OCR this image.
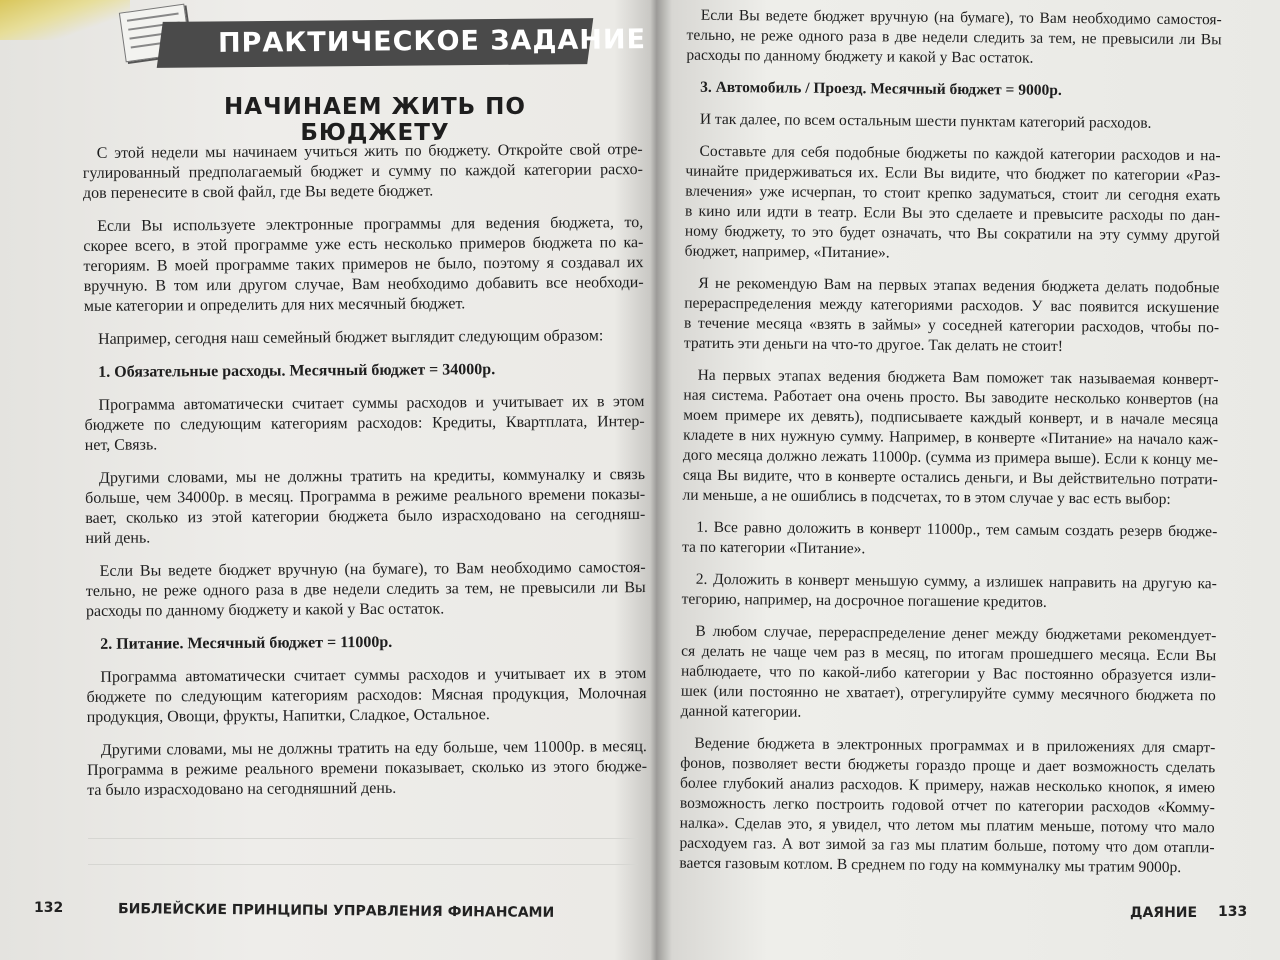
ПРАКТИЧЕСКОЕ ЗАДАНИЕ
НАЧИНАЕМ ЖИТЬ ПО БЮДЖЕТУ
С этой недели мы начинаем учиться жить по бюджету. Откройте свой отре-
гулированный предполагаемый бюджет и сумму по каждой категории расхо-
дов перенесите в свой файл, где Вы ведете бюджет.
Если Вы используете электронные программы для ведения бюджета, то,
скорее всего, в этой программе уже есть несколько примеров бюджета по ка-
тегориям. В моей программе таких примеров не было, поэтому я создавал их
вручную. В том или другом случае, Вам необходимо добавить все необходи-
мые категории и определить для них месячный бюджет.
Например, сегодня наш семейный бюджет выглядит следующим образом:
1. Обязательные расходы. Месячный бюджет = 34000р.
Программа автоматически считает суммы расходов и учитывает их в этом
бюджете по следующим категориям расходов: Кредиты, Квартплата, Интер-
нет, Связь.
Другими словами, мы не должны тратить на кредиты, коммуналку и связь
больше, чем 34000р. в месяц. Программа в режиме реального времени показы-
вает, сколько из этой категории бюджета было израсходовано на сегодняш-
ний день.
Если Вы ведете бюджет вручную (на бумаге), то Вам необходимо самостоя-
тельно, не реже одного раза в две недели следить за тем, не превысили ли Вы
расходы по данному бюджету и какой у Вас остаток.
2. Питание. Месячный бюджет = 11000р.
Программа автоматически считает суммы расходов и учитывает их в этом
бюджете по следующим категориям расходов: Мясная продукция, Молочная
продукция, Овощи, фрукты, Напитки, Сладкое, Остальное.
Другими словами, мы не должны тратить на еду больше, чем 11000р. в месяц.
Программа в режиме реального времени показывает, сколько из этого бюдже-
та было израсходовано на сегодняшний день.
Если Вы ведете бюджет вручную (на бумаге), то Вам необходимо самостоя-
тельно, не реже одного раза в две недели следить за тем, не превысили ли Вы
расходы по данному бюджету и какой у Вас остаток.
3. Автомобиль / Проезд. Месячный бюджет = 9000р.
И так далее, по всем остальным шести пунктам категорий расходов.
Составьте для себя подобные бюджеты по каждой категории расходов и на-
чинайте придерживаться их. Если Вы видите, что бюджет по категории «Раз-
влечения» уже исчерпан, то стоит крепко задуматься, стоит ли сегодня ехать
в кино или идти в театр. Если Вы это сделаете и превысите расходы по дан-
ному бюджету, то это будет означать, что Вы сократили на эту сумму другой
бюджет, например, «Питание».
Я не рекомендую Вам на первых этапах ведения бюджета делать подобные
перераспределения между категориями расходов. У вас появится искушение
в течение месяца «взять в займы» у соседней категории расходов, чтобы по-
тратить эти деньги на что-то другое. Так делать не стоит!
На первых этапах ведения бюджета Вам поможет так называемая конверт-
ная система. Работает она очень просто. Вы заводите несколько конвертов (на
моем примере их девять), подписываете каждый конверт, и в начале месяца
кладете в них нужную сумму. Например, в конверте «Питание» на начало каж-
дого месяца должно лежать 11000р. (сумма из примера выше). Если к концу ме-
сяца Вы видите, что в конверте остались деньги, и Вы действительно потрати-
ли меньше, а не ошиблись в подсчетах, то в этом случае у вас есть выбор:
1. Все равно доложить в конверт 11000р., тем самым создать резерв бюдже-
та по категории «Питание».
2. Доложить в конверт меньшую сумму, а излишек направить на другую ка-
тегорию, например, на досрочное погашение кредитов.
В любом случае, перераспределение денег между бюджетами рекомендует-
ся делать не чаще чем раз в месяц, по итогам прошедшего месяца. Если Вы
наблюдаете, что по какой-либо категории у Вас постоянно образуется изли-
шек (или постоянно не хватает), отрегулируйте сумму месячного бюджета по
данной категории.
Ведение бюджета в электронных программах и в приложениях для смарт-
фонов, позволяет вести бюджеты гораздо проще и дает возможность сделать
более глубокий анализ расходов. К примеру, нажав несколько кнопок, я имею
возможность легко построить годовой отчет по категории расходов «Комму-
налка». Сделав это, я увидел, что летом мы платим меньше, потому что мало
расходуем газ. А вот зимой за газ мы платим больше, потому что дом отапли-
вается газовым котлом. В среднем по году на коммуналку мы тратим 9000р.
132	БИБЛЕЙСКИЕ ПРИНЦИПЫ УПРАВЛЕНИЯ ФИНАНСАМИ	ДАЯНИЕ 133
